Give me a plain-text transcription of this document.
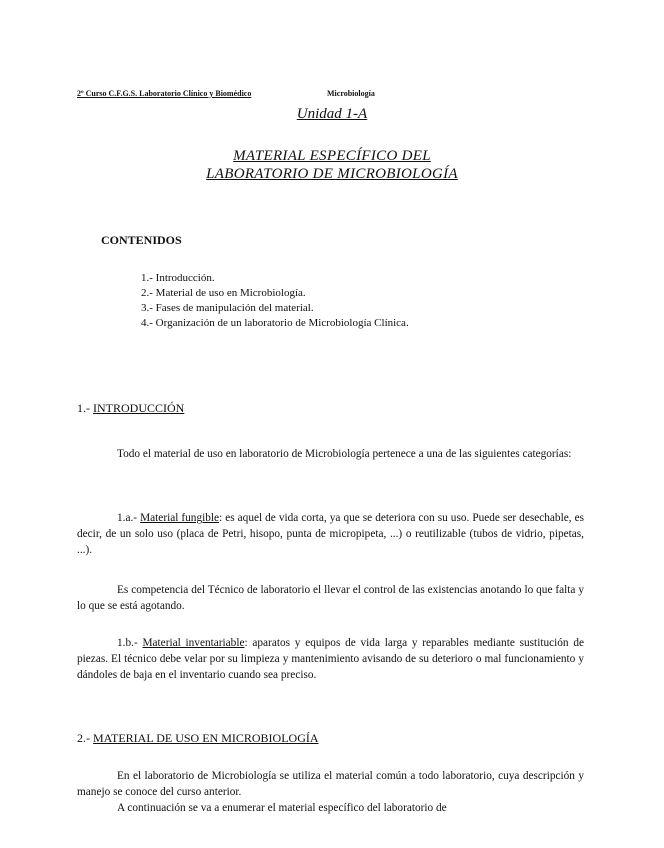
2º Curso C.F.G.S. Laboratorio Clínico y Biomédico	Microbiología
Unidad 1-A
MATERIAL ESPECÍFICO DEL
LABORATORIO DE MICROBIOLOGÍA
CONTENIDOS
1.- Introducción.
2.- Material de uso en Microbiología.
3.- Fases de manipulación del material.
4.- Organización de un laboratorio de Microbiología Clínica.
1.- INTRODUCCIÓN
Todo el material de uso en laboratorio de Microbiología pertenece a una de las siguientes categorías:
1.a.- Material fungible: es aquel de vida corta, ya que se deteriora con su uso. Puede ser desechable, es decir, de un solo uso (placa de Petri, hisopo, punta de micropipeta, ...) o reutilizable (tubos de vidrio, pipetas, ...).
Es competencia del Técnico de laboratorio el llevar el control de las existencias anotando lo que falta y lo que se está agotando.
1.b.- Material inventariable: aparatos y equipos de vida larga y reparables mediante sustitución de piezas. El técnico debe velar por su limpieza y mantenimiento avisando de su deterioro o mal funcionamiento y dándoles de baja en el inventario cuando sea preciso.
2.- MATERIAL DE USO EN MICROBIOLOGÍA
En el laboratorio de Microbiología se utiliza el material común a todo laboratorio, cuya descripción y manejo se conoce del curso anterior.
A continuación se va a enumerar el material específico del laboratorio de
